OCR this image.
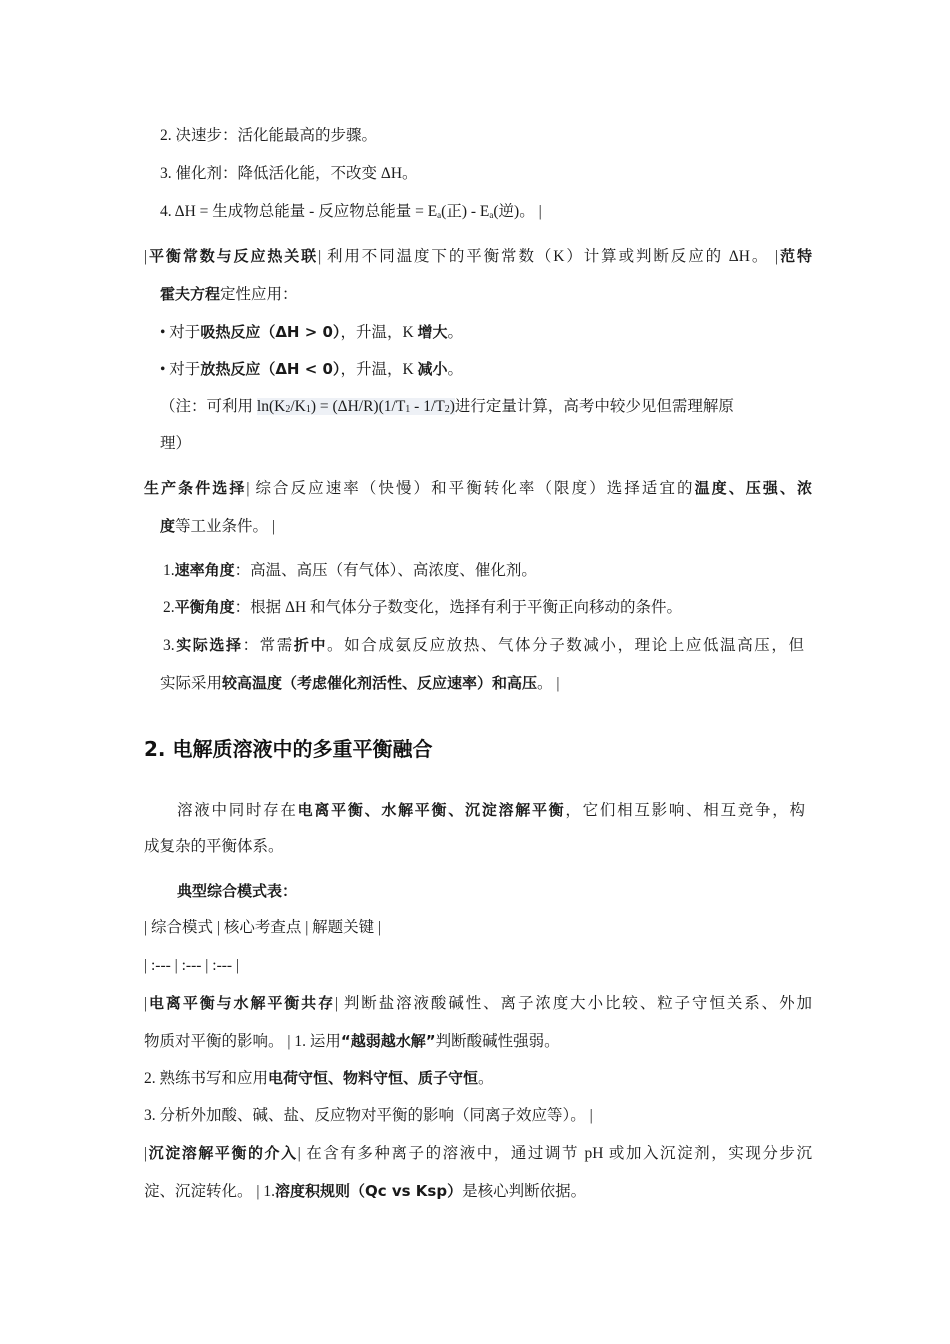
2. 决速步：活化能最高的步骤。
3. 催化剂：降低活化能，不改变 ΔH。
4. ΔH = 生成物总能量 - 反应物总能量 = $E_a$(正) - $E_a$(逆)。 |
|平衡常数与反应热关联| 利用不同温度下的平衡常数（K）计算或判断反应的 ΔH。 |范特
霍夫方程定性应用：
• 对于吸热反应（ΔH > 0），升温，K 增大。
• 对于放热反应（ΔH < 0），升温，K 减小。
（注：可利用 ln(K2/K1) = (ΔH/R)(1/T1 - 1/T2)进行定量计算，高考中较少见但需理解原
理）
生产条件选择| 综合反应速率（快慢）和平衡转化率（限度）选择适宜的温度、压强、浓
度等工业条件。 |
1.速率角度：高温、高压（有气体）、高浓度、催化剂。
2.平衡角度：根据 ΔH 和气体分子数变化，选择有利于平衡正向移动的条件。
3.实际选择：常需折中。如合成氨反应放热、气体分子数减小，理论上应低温高压，但
实际采用较高温度（考虑催化剂活性、反应速率）和高压。 |
2. 电解质溶液中的多重平衡融合
溶液中同时存在电离平衡、水解平衡、沉淀溶解平衡，它们相互影响、相互竞争，构
成复杂的平衡体系。
典型综合模式表：
| 综合模式 | 核心考查点 | 解题关键 |
| :--- | :--- | :--- |
|电离平衡与水解平衡共存| 判断盐溶液酸碱性、离子浓度大小比较、粒子守恒关系、外加
物质对平衡的影响。 | 1. 运用“越弱越水解”判断酸碱性强弱。
2. 熟练书写和应用电荷守恒、物料守恒、质子守恒。
3. 分析外加酸、碱、盐、反应物对平衡的影响（同离子效应等）。 |
|沉淀溶解平衡的介入| 在含有多种离子的溶液中，通过调节 pH 或加入沉淀剂，实现分步沉
淀、沉淀转化。 | 1.溶度积规则（Qc vs Ksp）是核心判断依据。
